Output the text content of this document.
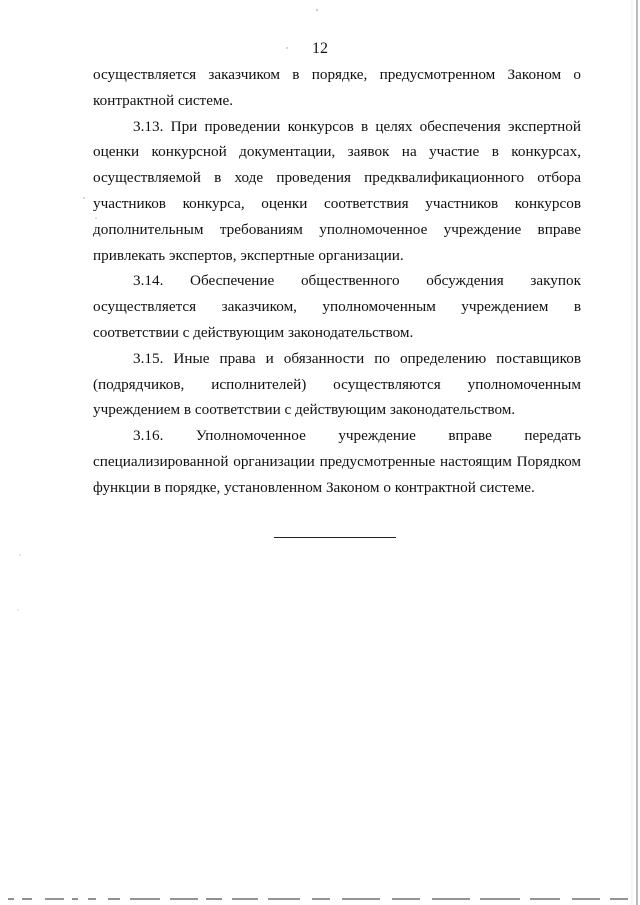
12

осуществляется заказчиком в порядке, предусмотренном Законом о контрактной системе.

3.13. При проведении конкурсов в целях обеспечения экспертной оценки конкурсной документации, заявок на участие в конкурсах, осуществляемой в ходе проведения предквалификационного отбора участников конкурса, оценки соответствия участников конкурсов дополнительным требованиям уполномоченное учреждение вправе привлекать экспертов, экспертные организации.

3.14. Обеспечение общественного обсуждения закупок осуществляется заказчиком, уполномоченным учреждением в соответствии с действующим законодательством.

3.15. Иные права и обязанности по определению поставщиков (подрядчиков, исполнителей) осуществляются уполномоченным учреждением в соответствии с действующим законодательством.

3.16. Уполномоченное учреждение вправе передать специализированной организации предусмотренные настоящим Порядком функции в порядке, установленном Законом о контрактной системе.
